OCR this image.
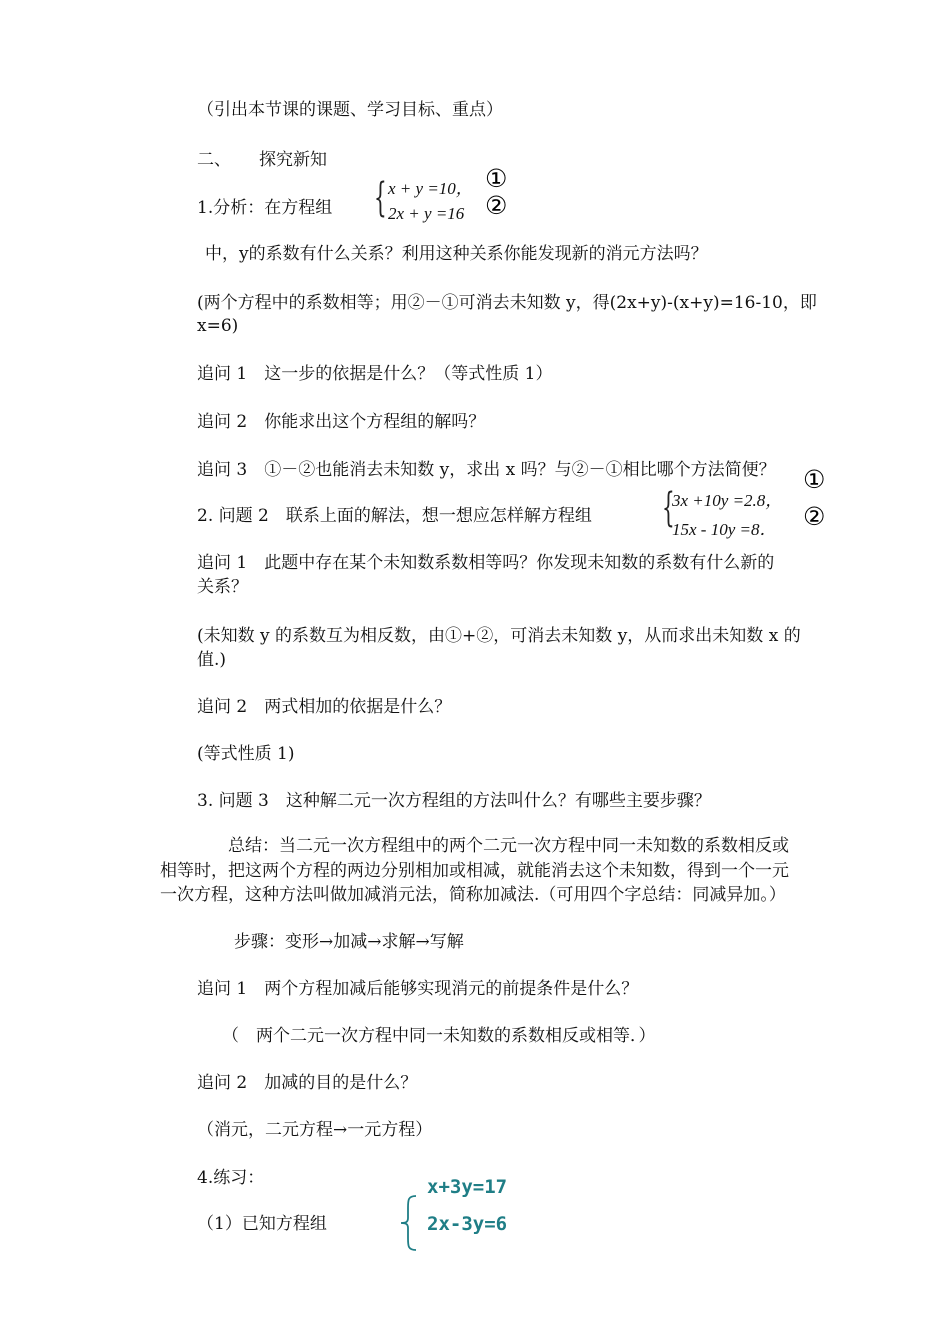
（引出本节课的课题、学习目标、重点）
二、 探究新知
1.分析：在方程组 { x + y =10，
2x + y =16
①
②
中，y的系数有什么关系？利用这种关系你能发现新的消元方法吗？
(两个方程中的系数相等；用②－①可消去未知数 y，得(2x+y)-(x+y)=16-10，即
x=6)
追问 1　这一步的依据是什么？（等式性质 1）
追问 2　你能求出这个方程组的解吗？
追问 3　①－②也能消去未知数 y，求出 x 吗？与②－①相比哪个方法简便？
2. 问题 2　联系上面的解法，想一想应怎样解方程组 {
3x +10y =2.8，
15x - 10y =8．
①
②
追问 1　此题中存在某个未知数系数相等吗？你发现未知数的系数有什么新的
关系？
(未知数 y 的系数互为相反数，由①+②，可消去未知数 y，从而求出未知数 x 的
值.)
追问 2　两式相加的依据是什么？
(等式性质 1)
3. 问题 3　这种解二元一次方程组的方法叫什么？有哪些主要步骤？
总结：当二元一次方程组中的两个二元一次方程中同一未知数的系数相反或
相等时，把这两个方程的两边分别相加或相减，就能消去这个未知数，得到一个一元
一次方程，这种方法叫做加减消元法，简称加减法.（可用四个字总结：同减异加。）
步骤：变形→加减→求解→写解
追问 1　两个方程加减后能够实现消元的前提条件是什么？
（　两个二元一次方程中同一未知数的系数相反或相等．）
追问 2　加减的目的是什么？
（消元，二元方程→一元方程）
4.练习：
（1）已知方程组
x+3y=17
2x-3y=6
